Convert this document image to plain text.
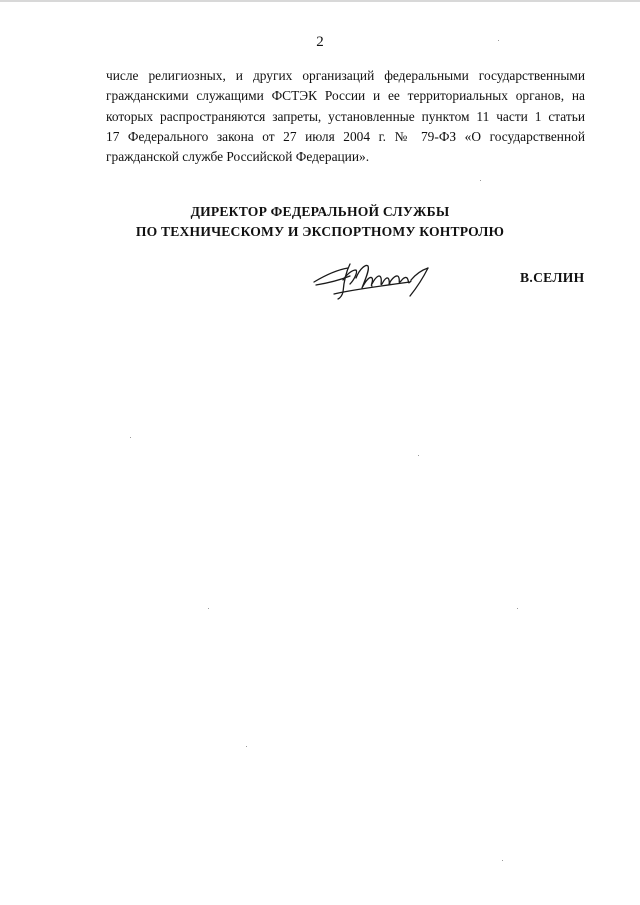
2
числе религиозных, и других организаций федеральными государственными
гражданскими служащими ФСТЭК России и ее территориальных органов, на
которых распространяются запреты, установленные пунктом 11 части 1 статьи
17 Федерального закона от 27 июля 2004 г. № 79-ФЗ «О государственной
гражданской службе Российской Федерации».
ДИРЕКТОР ФЕДЕРАЛЬНОЙ СЛУЖБЫ
ПО ТЕХНИЧЕСКОМУ И ЭКСПОРТНОМУ КОНТРОЛЮ
В.СЕЛИН
